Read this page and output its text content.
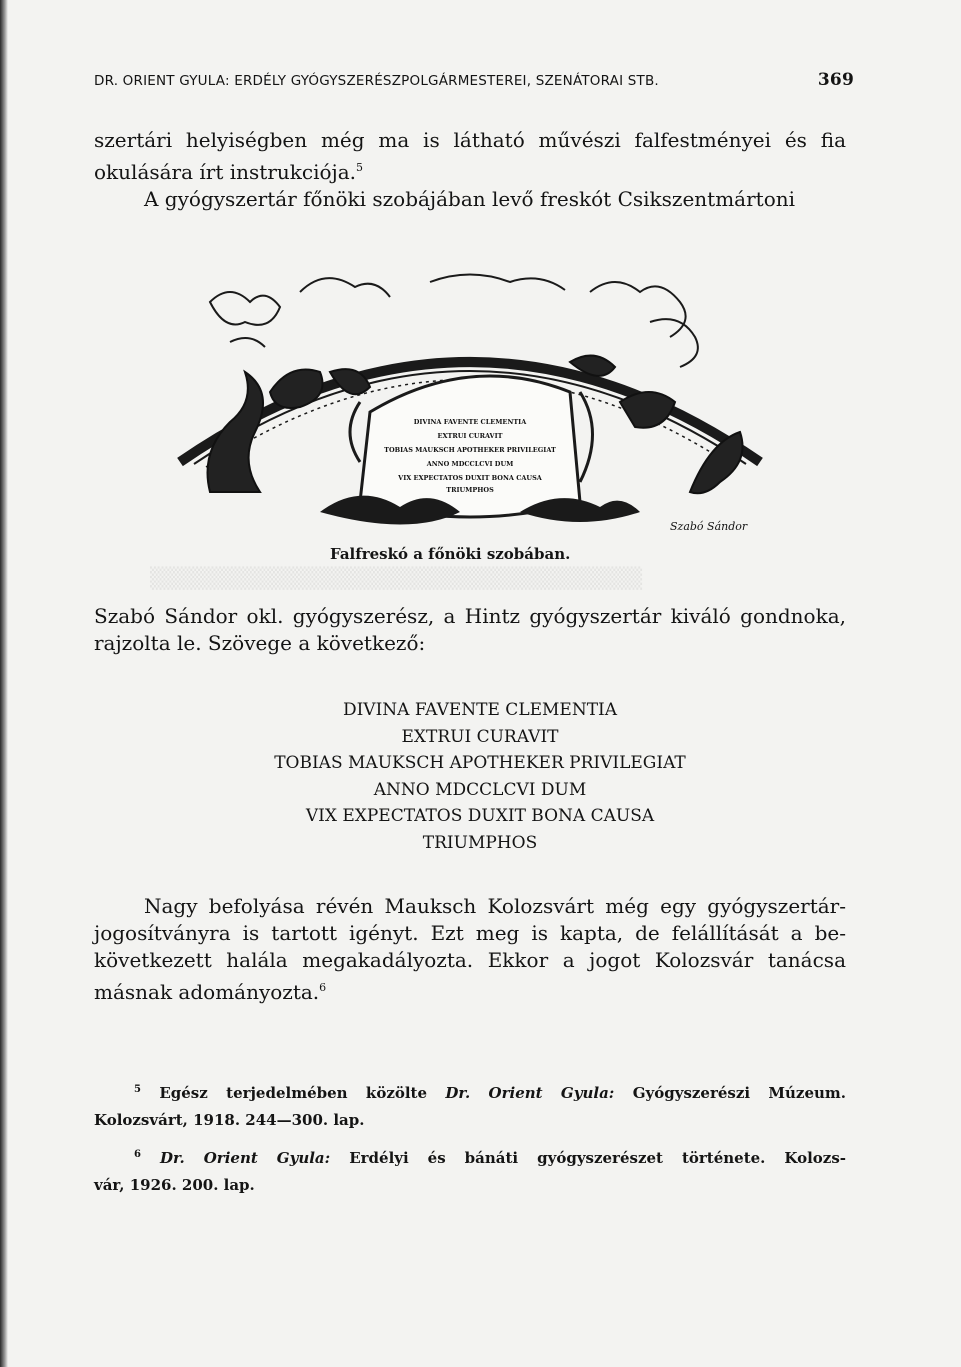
▒▒▒▒▒▒▒▒▒▒▒▒▒▒▒▒▒▒▒▒▒▒▒▒▒▒▒▒▒▒▒▒
DR. ORIENT GYULA: ERDÉLY GYÓGYSZERÉSZPOLGÁRMESTEREI, SZENÁTORAI STB.	369
szertári helyiségben még ma is látható művészi falfestményei és fia
okulására írt instrukciója.$^5$
A gyógyszertár főnöki szobájában levő freskót Csikszentmártoni
DIVINA FAVENTE CLEMENTIA
EXTRUI CURAVIT
TOBIAS MAUKSCH APOTHEKER PRIVILEGIAT
ANNO MDCCLCVI DUM
VIX EXPECTATOS DUXIT BONA CAUSA
TRIUMPHOS
Szabó Sándor
Falfreskó a főnöki szobában.
Szabó Sándor okl. gyógyszerész, a Hintz gyógyszertár kiváló gondnoka,
rajzolta le. Szövege a következő:
DIVINA FAVENTE CLEMENTIA
EXTRUI CURAVIT
TOBIAS MAUKSCH APOTHEKER PRIVILEGIAT
ANNO MDCCLCVI DUM
VIX EXPECTATOS DUXIT BONA CAUSA
TRIUMPHOS
Nagy befolyása révén Mauksch Kolozsvárt még egy gyógyszertár-
jogosítványra is tartott igényt. Ezt meg is kapta, de felállítását a be-
következett halála megakadályozta. Ekkor a jogot Kolozsvár tanácsa
másnak adományozta.$^6$
$^5$ Egész terjedelmében közölte Dr. Orient Gyula: Gyógyszerészi Múzeum.
Kolozsvárt, 1918. 244—300. lap.
$^6$ Dr. Orient Gyula: Erdélyi és bánáti gyógyszerészet története. Kolozs-
vár, 1926. 200. lap.
